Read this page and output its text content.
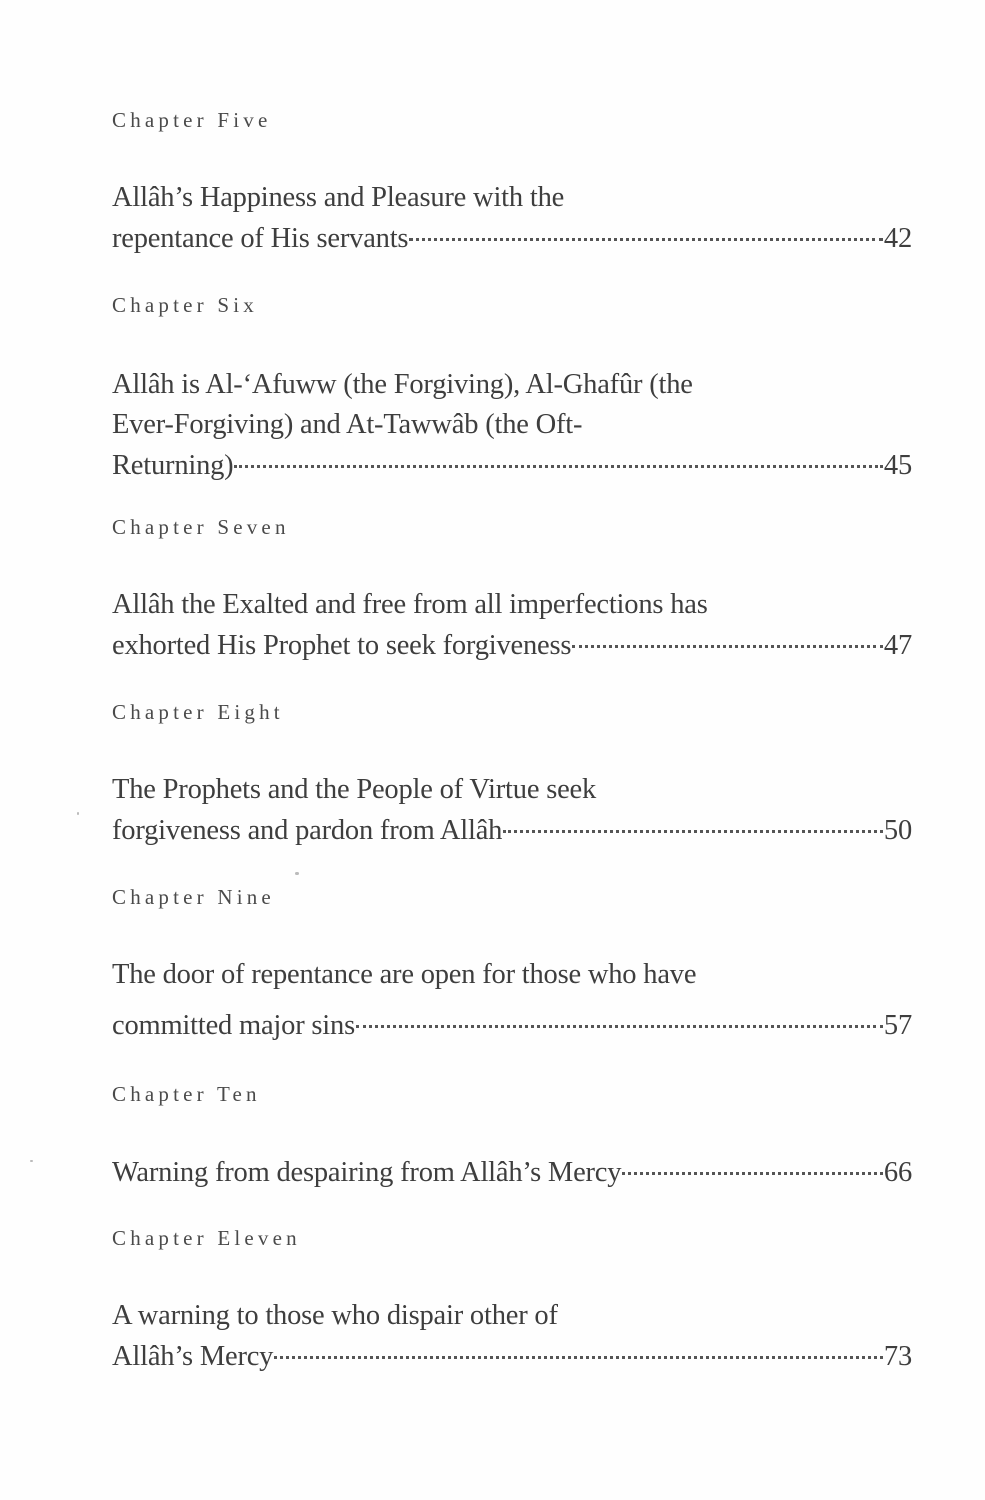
Chapter Five
Allâh’s Happiness and Pleasure with the
repentance of His servants	42
Chapter Six
Allâh is Al-‘Afuww (the Forgiving), Al-Ghafûr (the
Ever-Forgiving) and At-Tawwâb (the Oft-
Returning)	45
Chapter Seven
Allâh the Exalted and free from all imperfections has
exhorted His Prophet to seek forgiveness	47
Chapter Eight
The Prophets and the People of Virtue seek
forgiveness and pardon from Allâh	50
Chapter Nine
The door of repentance are open for those who have
committed major sins	57
Chapter Ten
Warning from despairing from Allâh’s Mercy	66
Chapter Eleven
A warning to those who dispair other of
Allâh’s Mercy	73
